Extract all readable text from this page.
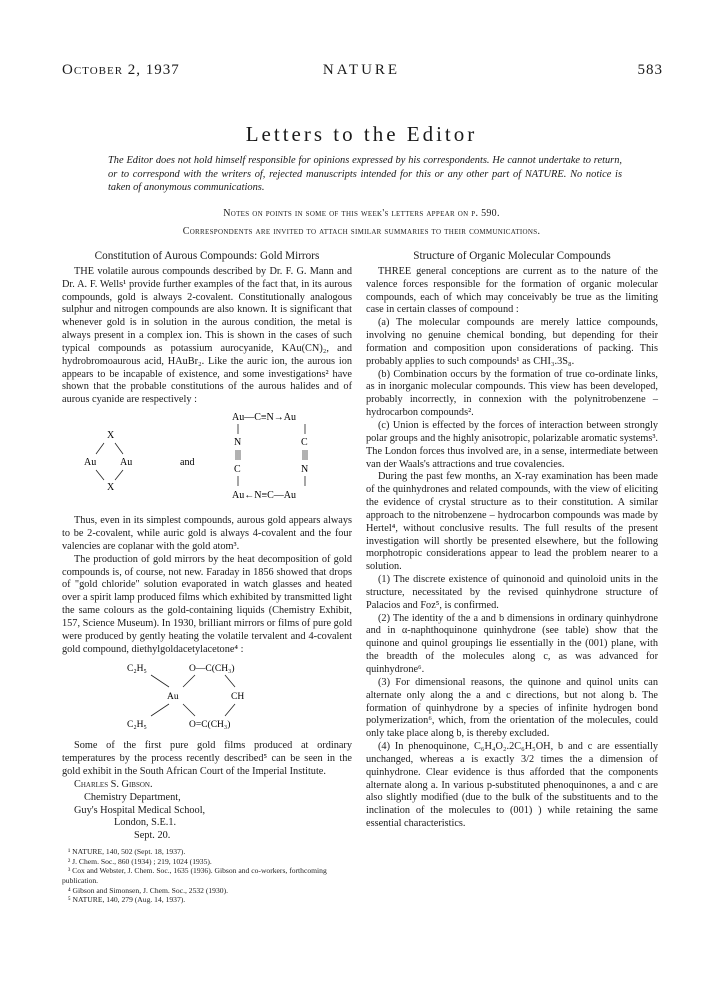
October 2, 1937	NATURE	583
Letters to the Editor
The Editor does not hold himself responsible for opinions expressed by his correspondents. He cannot undertake to return, or to correspond with the writers of, rejected manuscripts intended for this or any other part of NATURE. No notice is taken of anonymous communications.
Notes on points in some of this week's letters appear on p. 590.
Correspondents are invited to attach similar summaries to their communications.
Constitution of Aurous Compounds: Gold Mirrors

THE volatile aurous compounds described by Dr. F. G. Mann and Dr. A. F. Wells¹ provide further examples of the fact that, in its aurous compounds, gold is always 2-covalent. Constitutionally analogous sulphur and nitrogen compounds are also known. It is significant that whenever gold is in solution in the aurous condition, the metal is always present in a complex ion. This is shown in the cases of such typical compounds as potassium aurocyanide, KAu(CN)₂, and hydrobromoaurous acid, HAuBr₂. Like the auric ion, the aurous ion appears to be incapable of existence, and some investigations² have shown that the probable constitutions of the aurous halides and of aurous cyanide are respectively :

X
Au Au
X
and
Au—C≡N→Au
N	C
C	N
Au←N≡C—Au

Thus, even in its simplest compounds, aurous gold appears always to be 2-covalent, while auric gold is always 4-covalent and the four valencies are coplanar with the gold atom³.

The production of gold mirrors by the heat decomposition of gold compounds is, of course, not new. Faraday in 1856 showed that drops of "gold chloride" solution evaporated in watch glasses and heated over a spirit lamp produced films which exhibited by transmitted light the same colours as the gold-containing liquids (Chemistry Exhibit, 157, Science Museum). In 1930, brilliant mirrors or films of pure gold were produced by gently heating the volatile tervalent and 4-covalent gold compound, diethylgoldacetylacetone⁴ :

C₂H₅	O—C(CH₃)
Au	CH
C₂H₅	O=C(CH₃)

Some of the first pure gold films produced at ordinary temperatures by the process recently described⁵ can be seen in the gold exhibit in the South African Court of the Imperial Institute.

Charles S. Gibson.

Chemistry Department,

Guy's Hospital Medical School,

London, S.E.1.

Sept. 20.

¹ NATURE, 140, 502 (Sept. 18, 1937).
² J. Chem. Soc., 860 (1934) ; 219, 1024 (1935).
³ Cox and Webster, J. Chem. Soc., 1635 (1936). Gibson and co-workers, forthcoming publication.
⁴ Gibson and Simonsen, J. Chem. Soc., 2532 (1930).
⁵ NATURE, 140, 279 (Aug. 14, 1937).
Structure of Organic Molecular Compounds

THREE general conceptions are current as to the nature of the valence forces responsible for the formation of organic molecular compounds, each of which may conceivably be true as the limiting case in certain classes of compound :

(a) The molecular compounds are merely lattice compounds, involving no genuine chemical bonding, but depending for their formation and composition upon considerations of packing. This probably applies to such compounds¹ as CHI₃.3S₈.

(b) Combination occurs by the formation of true co-ordinate links, as in inorganic molecular compounds. This view has been developed, probably incorrectly, in connexion with the polynitrobenzene – hydrocarbon compounds².

(c) Union is effected by the forces of interaction between strongly polar groups and the highly anisotropic, polarizable aromatic systems³. The London forces thus involved are, in a sense, intermediate between van der Waals's attractions and true covalencies.

During the past few months, an X-ray examination has been made of the quinhydrones and related compounds, with the view of eliciting the evidence of crystal structure as to their constitution. A similar approach to the nitrobenzene – hydrocarbon compounds was made by Hertel⁴, without conclusive results. The full results of the present investigation will shortly be presented elsewhere, but the following morphotropic considerations appear to lead the problem nearer to a solution.

(1) The discrete existence of quinonoid and quinoloid units in the structure, necessitated by the revised quinhydrone structure of Palacios and Foz⁵, is confirmed.

(2) The identity of the a and b dimensions in ordinary quinhydrone and in α-naphthoquinone quinhydrone (see table) show that the quinone and quinol groupings lie essentially in the (001) plane, with the breadth of the molecules along c, as was advanced for quinhydrone⁶.

(3) For dimensional reasons, the quinone and quinol units can alternate only along the a and c directions, but not along b. The formation of quinhydrone by a species of infinite hydrogen bond polymerization⁶, which, from the orientation of the molecules, could only take place along b, is thereby excluded.

(4) In phenoquinone, C₆H₄O₂.2C₆H₅OH, b and c are essentially unchanged, whereas a is exactly 3/2 times the a dimension of quinhydrone. Clear evidence is thus afforded that the components alternate along a. In various p-substituted phenoquinones, a and c are also slightly modified (due to the bulk of the substituents and to the inclination of the molecules to (001) ) while retaining the same essential characteristics.
